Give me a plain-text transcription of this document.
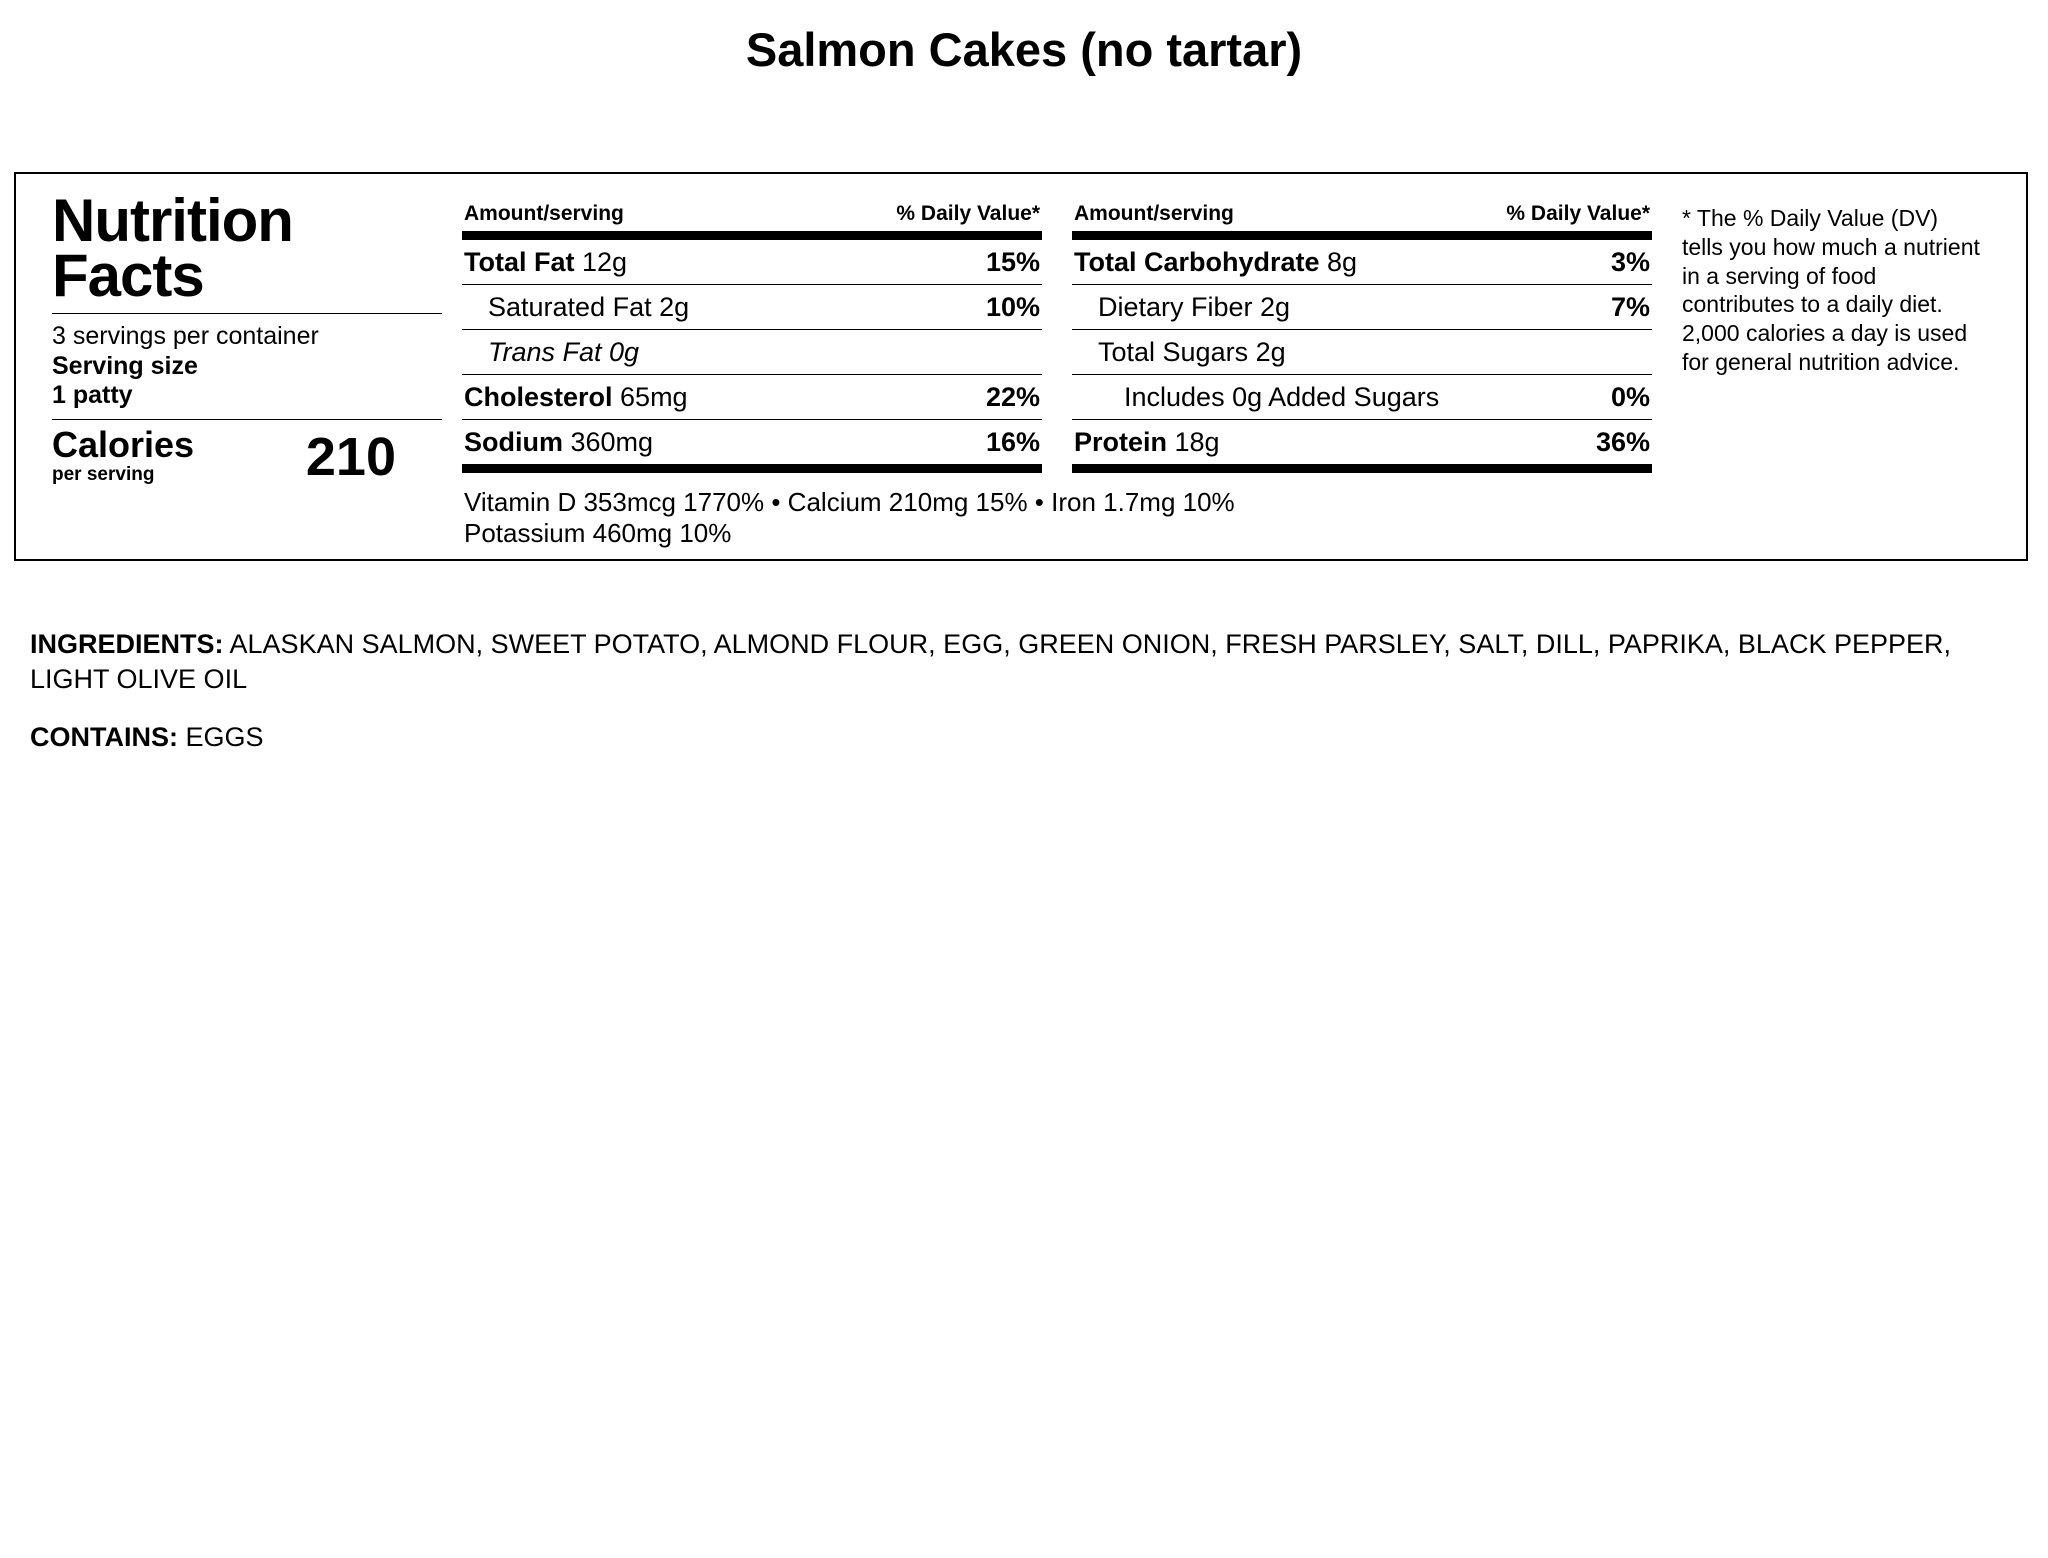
Salmon Cakes (no tartar)
Nutrition
Facts
3 servings per container
Serving size
1 patty
Calories
per serving	210
Amount/serving	% Daily Value*
Total Fat 12g	15%
Saturated Fat 2g	10%
Trans Fat 0g
Cholesterol 65mg	22%
Sodium 360mg	16%
Vitamin D 353mcg 1770% • Calcium 210mg 15% • Iron 1.7mg 10%
Potassium 460mg 10%
Amount/serving	% Daily Value*
Total Carbohydrate 8g	3%
Dietary Fiber 2g	7%
Total Sugars 2g
Includes 0g Added Sugars	0%
Protein 18g	36%
* The % Daily Value (DV) tells you how much a nutrient in a serving of food contributes to a daily diet. 2,000 calories a day is used for general nutrition advice.
INGREDIENTS: ALASKAN SALMON, SWEET POTATO, ALMOND FLOUR, EGG, GREEN ONION, FRESH PARSLEY, SALT, DILL, PAPRIKA, BLACK PEPPER, LIGHT OLIVE OIL
CONTAINS: EGGS
